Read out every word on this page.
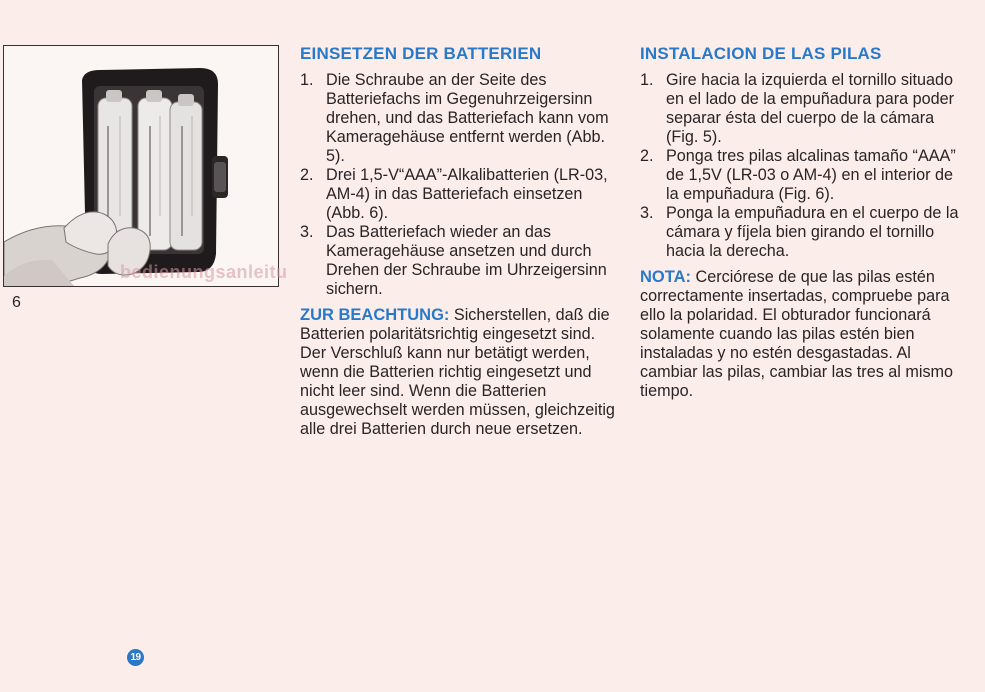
6
bedienungsanleitu
EINSETZEN DER BATTERIEN
1. Die Schraube an der Seite des Batteriefachs im Gegenuhrzeigersinn drehen, und das Batteriefach kann vom Kameragehäuse entfernt werden (Abb. 5).
2. Drei 1,5-V“AAA”-Alkalibatterien (LR-03, AM-4) in das Batteriefach einsetzen (Abb. 6).
3. Das Batteriefach wieder an das Kameragehäuse ansetzen und durch Drehen der Schraube im Uhrzeigersinn sichern.
ZUR BEACHTUNG: Sicherstellen, daß die Batterien polaritätsrichtig eingesetzt sind. Der Verschluß kann nur betätigt werden, wenn die Batterien richtig eingesetzt und nicht leer sind. Wenn die Batterien ausgewechselt werden müssen, gleichzeitig alle drei Batterien durch neue ersetzen.
INSTALACION DE LAS PILAS
1. Gire hacia la izquierda el tornillo situado en el lado de la empuñadura para poder separar ésta del cuerpo de la cámara (Fig. 5).
2. Ponga tres pilas alcalinas tamaño “AAA” de 1,5V (LR-03 o AM-4) en el interior de la empuñadura (Fig. 6).
3. Ponga la empuñadura en el cuerpo de la cámara y fíjela bien girando el tornillo hacia la derecha.
NOTA: Cerciórese de que las pilas estén correctamente insertadas, compruebe para ello la polaridad. El obturador funcionará solamente cuando las pilas estén bien instaladas y no estén desgastadas. Al cambiar las pilas, cambiar las tres al mismo tiempo.
19
